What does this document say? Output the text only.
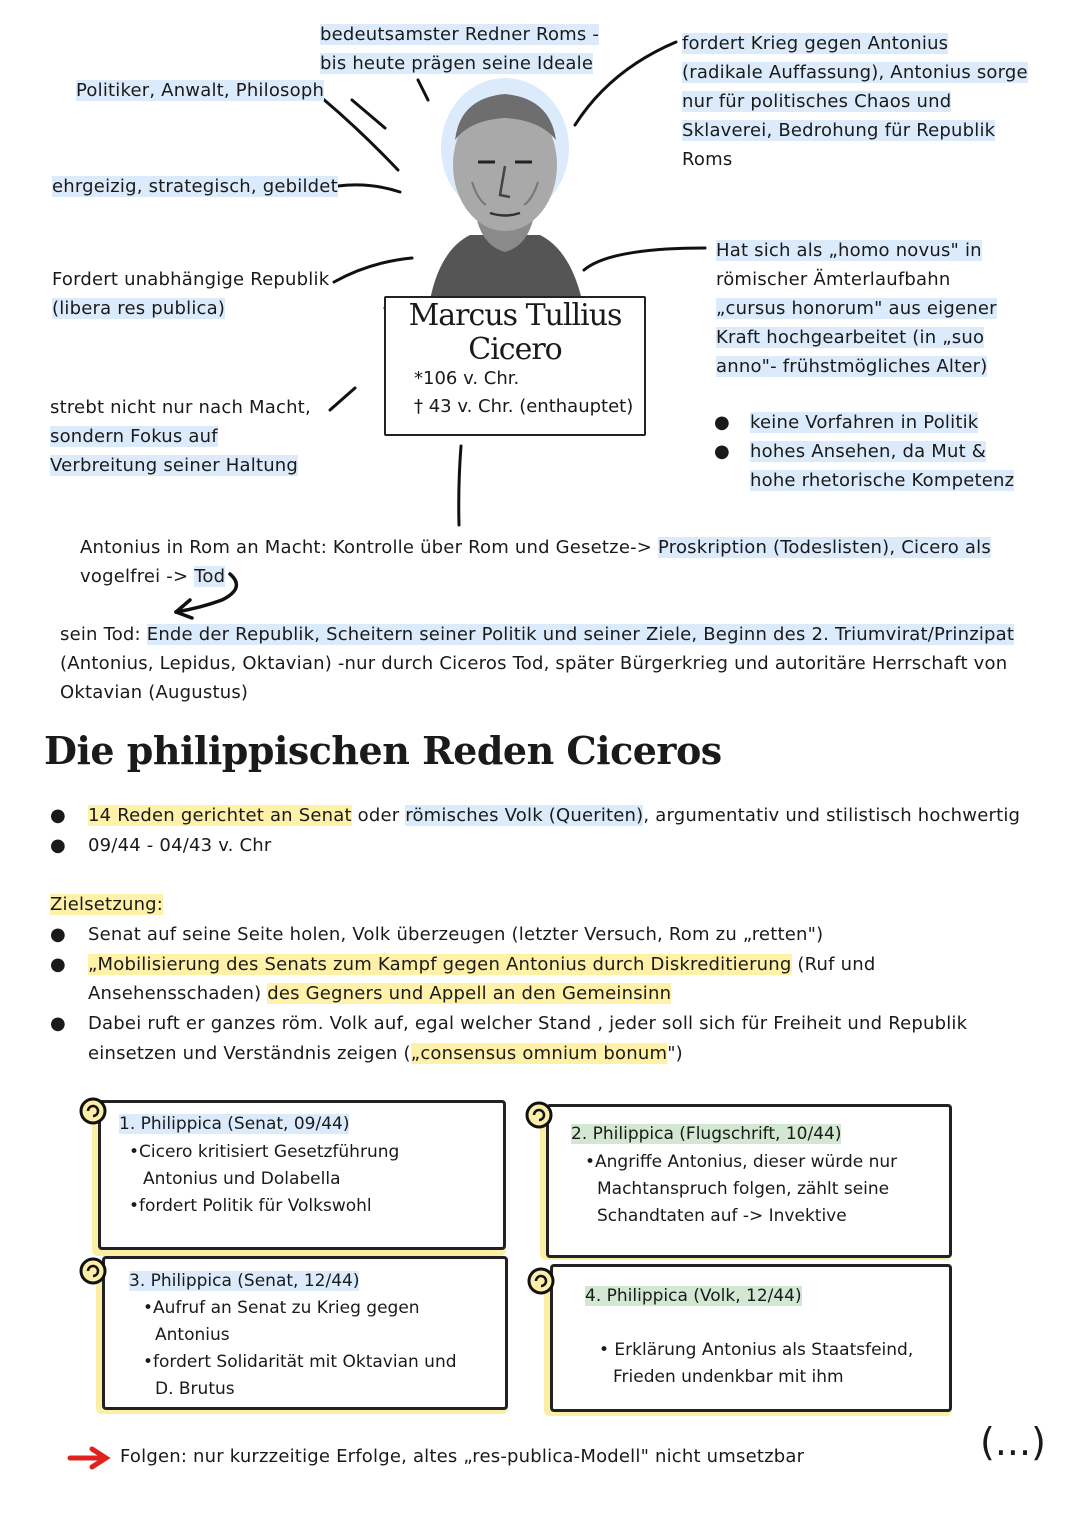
Marcus Tullius
Cicero
*106 v. Chr.
† 43 v. Chr. (enthauptet)
Politiker, Anwalt, Philosoph
ehrgeizig, strategisch, gebildet
Fordert unabhängige Republik
(libera res publica)
strebt nicht nur nach Macht,
sondern Fokus auf
Verbreitung seiner Haltung
bedeutsamster Redner Roms -
bis heute prägen seine Ideale
fordert Krieg gegen Antonius
(radikale Auffassung), Antonius sorge
nur für politisches Chaos und
Sklaverei, Bedrohung für Republik
Roms
Hat sich als „homo novus" in
römischer Ämterlaufbahn
„cursus honorum" aus eigener
Kraft hochgearbeitet (in „suo
anno"- frühstmögliches Alter)
● keine Vorfahren in Politik
● hohes Ansehen, da Mut &
hohe rhetorische Kompetenz
Antonius in Rom an Macht: Kontrolle über Rom und Gesetze-> Proskription (Todeslisten), Cicero als
vogelfrei -> Tod
sein Tod: Ende der Republik, Scheitern seiner Politik und seiner Ziele, Beginn des 2. Triumvirat/Prinzipat
(Antonius, Lepidus, Oktavian) -nur durch Ciceros Tod, später Bürgerkrieg und autoritäre Herrschaft von
Oktavian (Augustus)
Die philippischen Reden Ciceros
● 14 Reden gerichtet an Senat oder römisches Volk (Queriten), argumentativ und stilistisch hochwertig
● 09/44 - 04/43 v. Chr
Zielsetzung:
● Senat auf seine Seite holen, Volk überzeugen (letzter Versuch, Rom zu „retten")
● „Mobilisierung des Senats zum Kampf gegen Antonius durch Diskreditierung (Ruf und
Ansehensschaden) des Gegners und Appell an den Gemeinsinn
● Dabei ruft er ganzes röm. Volk auf, egal welcher Stand , jeder soll sich für Freiheit und Republik
einsetzen und Verständnis zeigen („consensus omnium bonum")
1. Philippica (Senat, 09/44)
•Cicero kritisiert Gesetzführung
Antonius und Dolabella
•fordert Politik für Volkswohl
2. Philippica (Flugschrift, 10/44)
•Angriffe Antonius, dieser würde nur
Machtanspruch folgen, zählt seine
Schandtaten auf -> Invektive
3. Philippica (Senat, 12/44)
•Aufruf an Senat zu Krieg gegen
Antonius
•fordert Solidarität mit Oktavian und
D. Brutus
4. Philippica (Volk, 12/44)
• Erklärung Antonius als Staatsfeind,
Frieden undenkbar mit ihm
Folgen: nur kurzzeitige Erfolge, altes „res-publica-Modell" nicht umsetzbar	(...)
